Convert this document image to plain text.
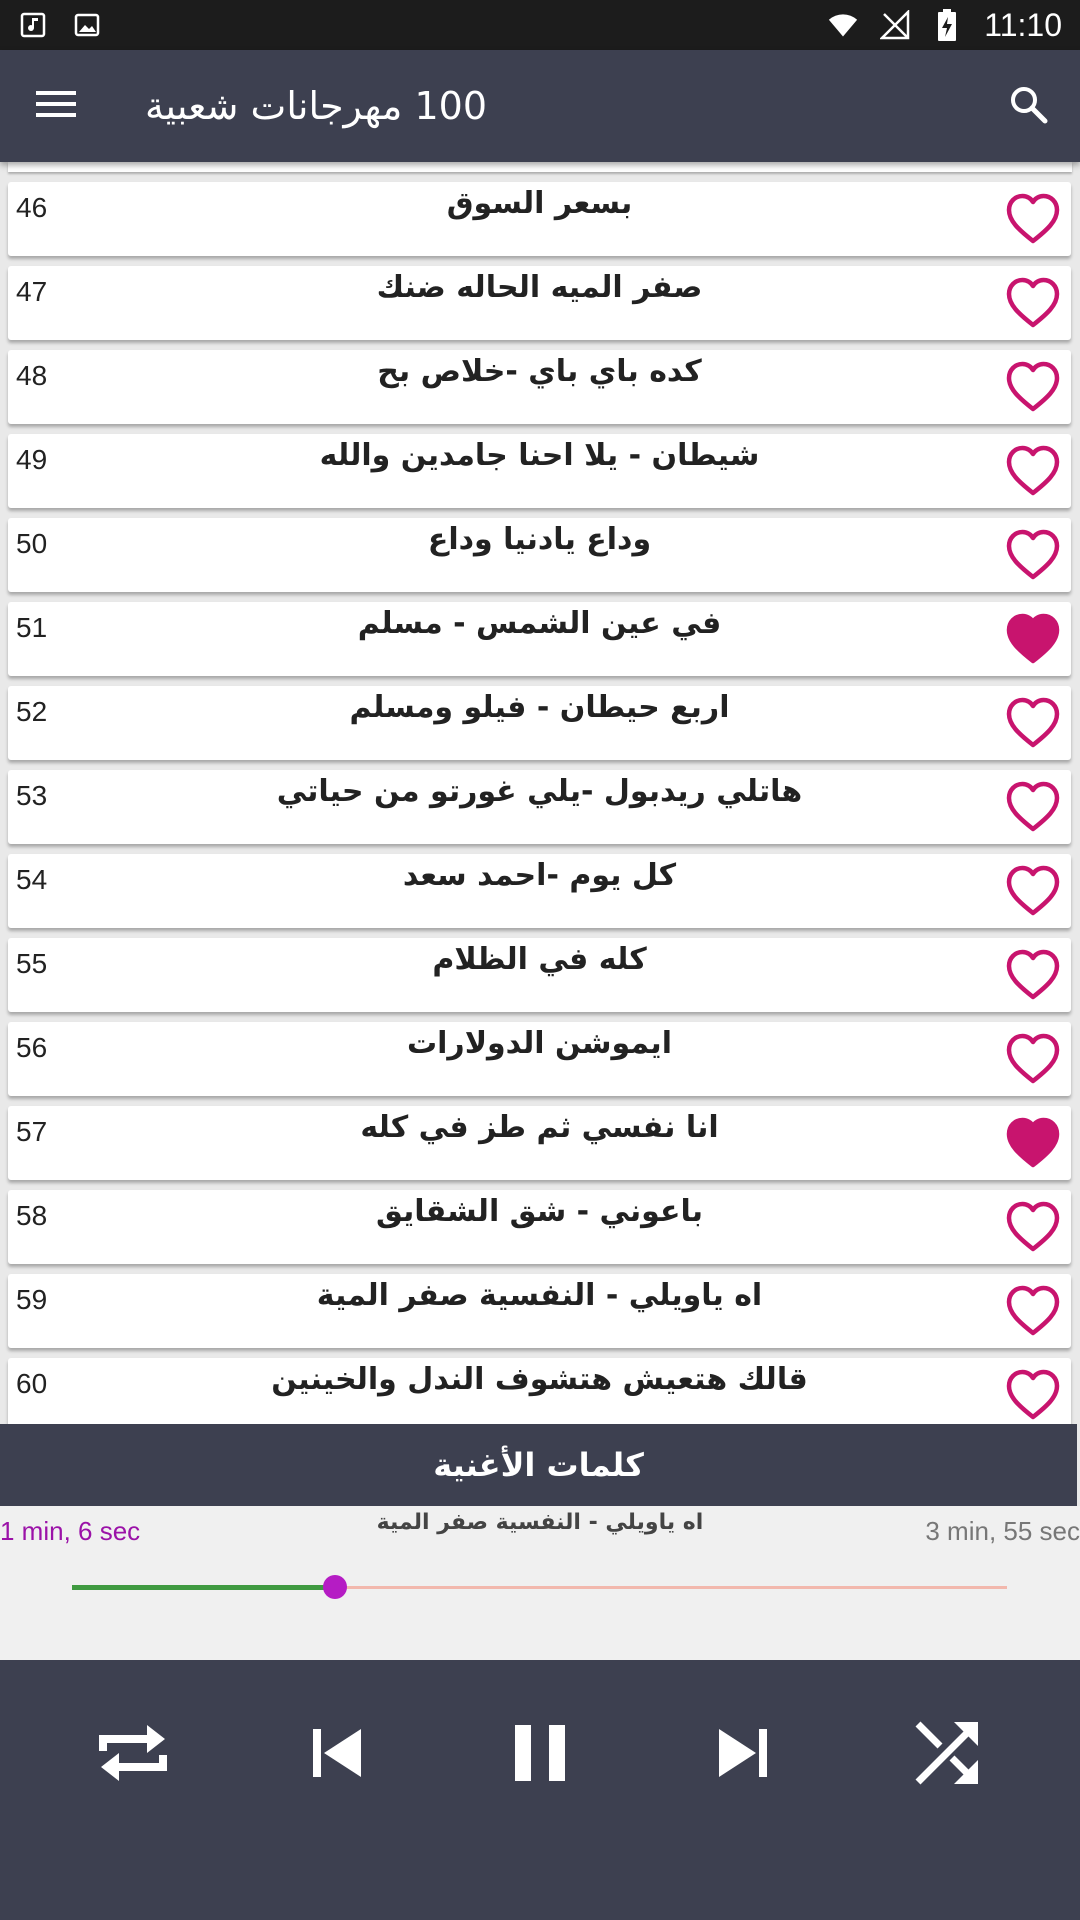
11:10
100 مهرجانات شعبية
46	بسعر السوق
47	صفر الميه الحاله ضنك
48	كده باي باي -خلاص بح
49	شيطان - يلا احنا جامدين والله
50	وداع يادنيا وداع
51	في عين الشمس - مسلم
52	اربع حيطان - فيلو ومسلم
53	هاتلي ريدبول -يلي غورتو من حياتي
54	كل يوم -احمد سعد
55	كله في الظلام
56	ايموشن الدولارات
57	انا نفسي ثم طز في كله
58	باعوني - شق الشقايق
59	اه ياويلي - النفسية صفر المية
60	قالك هتعيش هتشوف الندل والخينين
كلمات الأغنية
1 min, 6 sec	اه ياويلي - النفسية صفر المية	3 min, 55 sec
